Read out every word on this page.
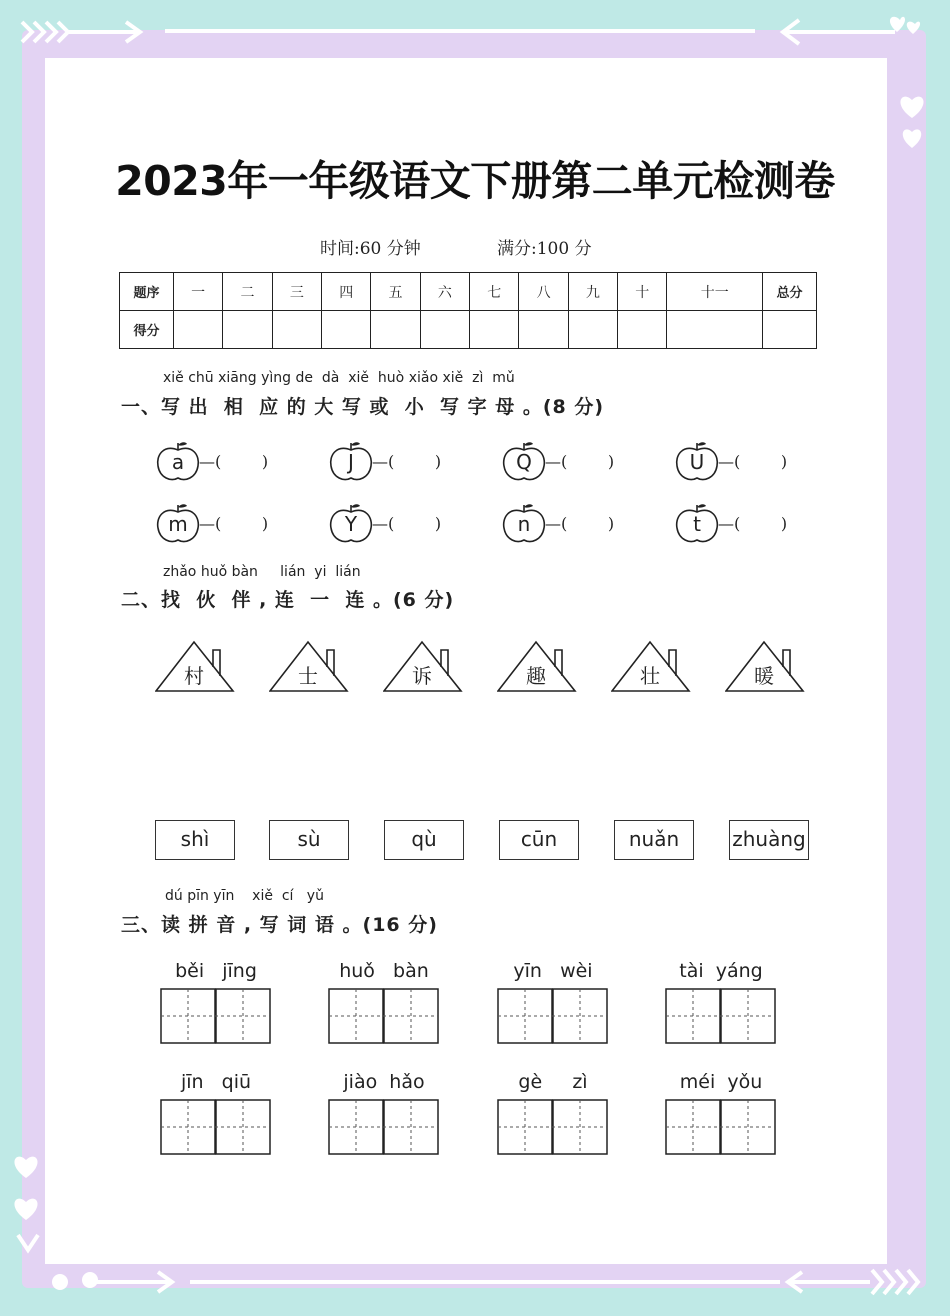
2023年一年级语文下册第二单元检测卷
时间:60 分钟	满分:100 分
题序	一	二	三	四	五	六	七	八	九	十	十一	总分
得分												
xiě chū xiāng yìng de  dà  xiě  huò xiǎo xiě  zì  mǔ
一、写 出  相  应 的 大 写 或  小  写 字 母 。(8 分)
a —(        )	J	—(        )	Q —(        )	U —(        )
m —(        )	Y —(        )	n —(        )	t	—(        )
zhǎo huǒ bàn     lián  yi  lián
二、找  伙  伴 , 连  一  连 。(6 分)
村	士	诉	趣	壮	暖
shì	sù	qù	cūn	nuǎn	zhuàng
dú pīn yīn    xiě  cí   yǔ
三、读 拼 音 , 写 词 语 。(16 分)
běi   jīng	huǒ   bàn	yīn   wèi	tài  yáng
jīn   qiū	jiào  hǎo	gè     zì	méi  yǒu
